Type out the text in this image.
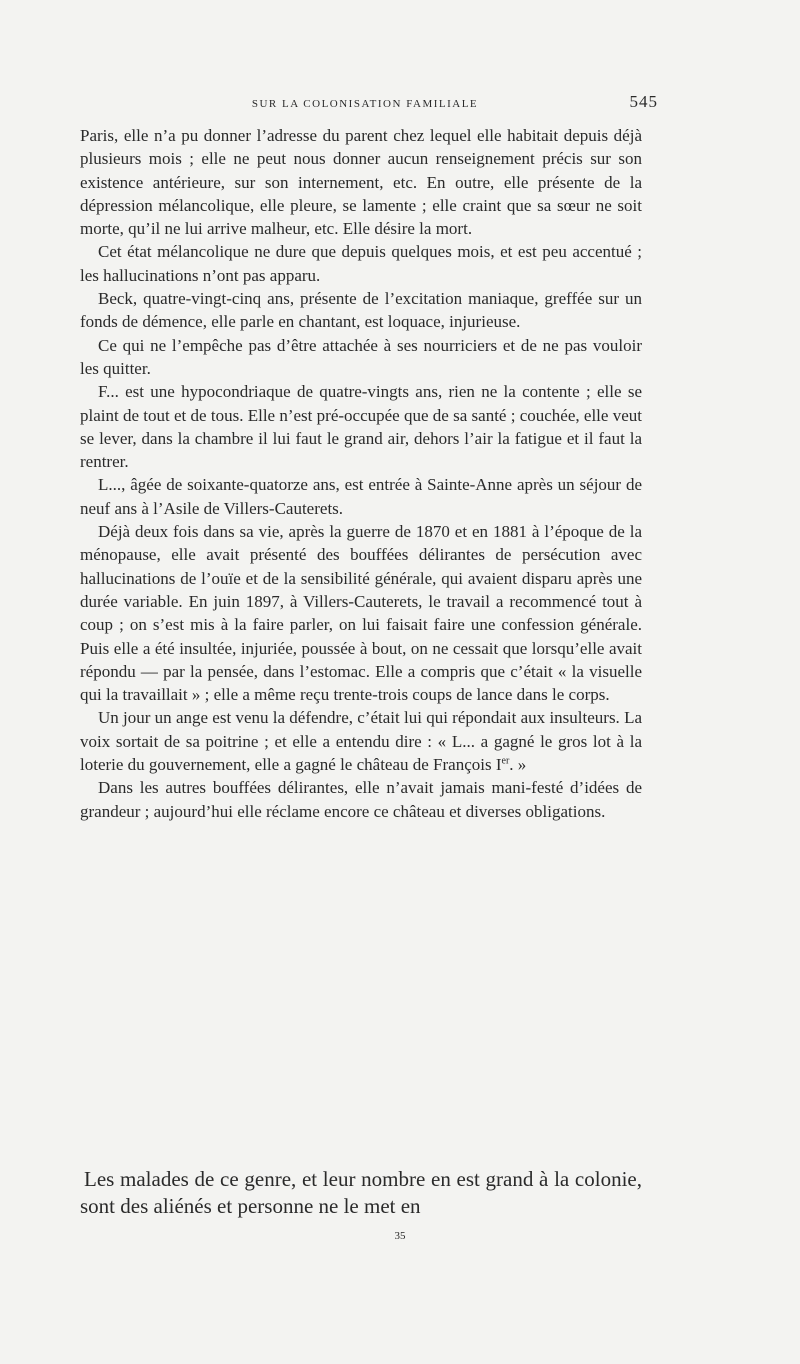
SUR LA COLONISATION FAMILIALE	545

Paris, elle n’a pu donner l’adresse du parent chez lequel elle habitait depuis déjà plusieurs mois ; elle ne peut nous donner aucun renseignement précis sur son existence antérieure, sur son internement, etc. En outre, elle présente de la dépression mélancolique, elle pleure, se lamente ; elle craint que sa sœur ne soit morte, qu’il ne lui arrive malheur, etc. Elle désire la mort.

Cet état mélancolique ne dure que depuis quelques mois, et est peu accentué ; les hallucinations n’ont pas apparu.

Beck, quatre-vingt-cinq ans, présente de l’excitation maniaque, greffée sur un fonds de démence, elle parle en chantant, est loquace, injurieuse.

Ce qui ne l’empêche pas d’être attachée à ses nourriciers et de ne pas vouloir les quitter.

F... est une hypocondriaque de quatre-vingts ans, rien ne la contente ; elle se plaint de tout et de tous. Elle n’est pré-occupée que de sa santé ; couchée, elle veut se lever, dans la chambre il lui faut le grand air, dehors l’air la fatigue et il faut la rentrer.

L..., âgée de soixante-quatorze ans, est entrée à Sainte-Anne après un séjour de neuf ans à l’Asile de Villers-Cauterets.

Déjà deux fois dans sa vie, après la guerre de 1870 et en 1881 à l’époque de la ménopause, elle avait présenté des bouffées délirantes de persécution avec hallucinations de l’ouïe et de la sensibilité générale, qui avaient disparu après une durée variable. En juin 1897, à Villers-Cauterets, le travail a recommencé tout à coup ; on s’est mis à la faire parler, on lui faisait faire une confession générale. Puis elle a été insultée, injuriée, poussée à bout, on ne cessait que lorsqu’elle avait répondu — par la pensée, dans l’estomac. Elle a compris que c’était « la visuelle qui la travaillait » ; elle a même reçu trente-trois coups de lance dans le corps.

Un jour un ange est venu la défendre, c’était lui qui répondait aux insulteurs. La voix sortait de sa poitrine ; et elle a entendu dire : « L... a gagné le gros lot à la loterie du gouvernement, elle a gagné le château de François Ier. »

Dans les autres bouffées délirantes, elle n’avait jamais mani-festé d’idées de grandeur ; aujourd’hui elle réclame encore ce château et diverses obligations.

Les malades de ce genre, et leur nombre en est grand à la colonie, sont des aliénés et personne ne le met en
35
